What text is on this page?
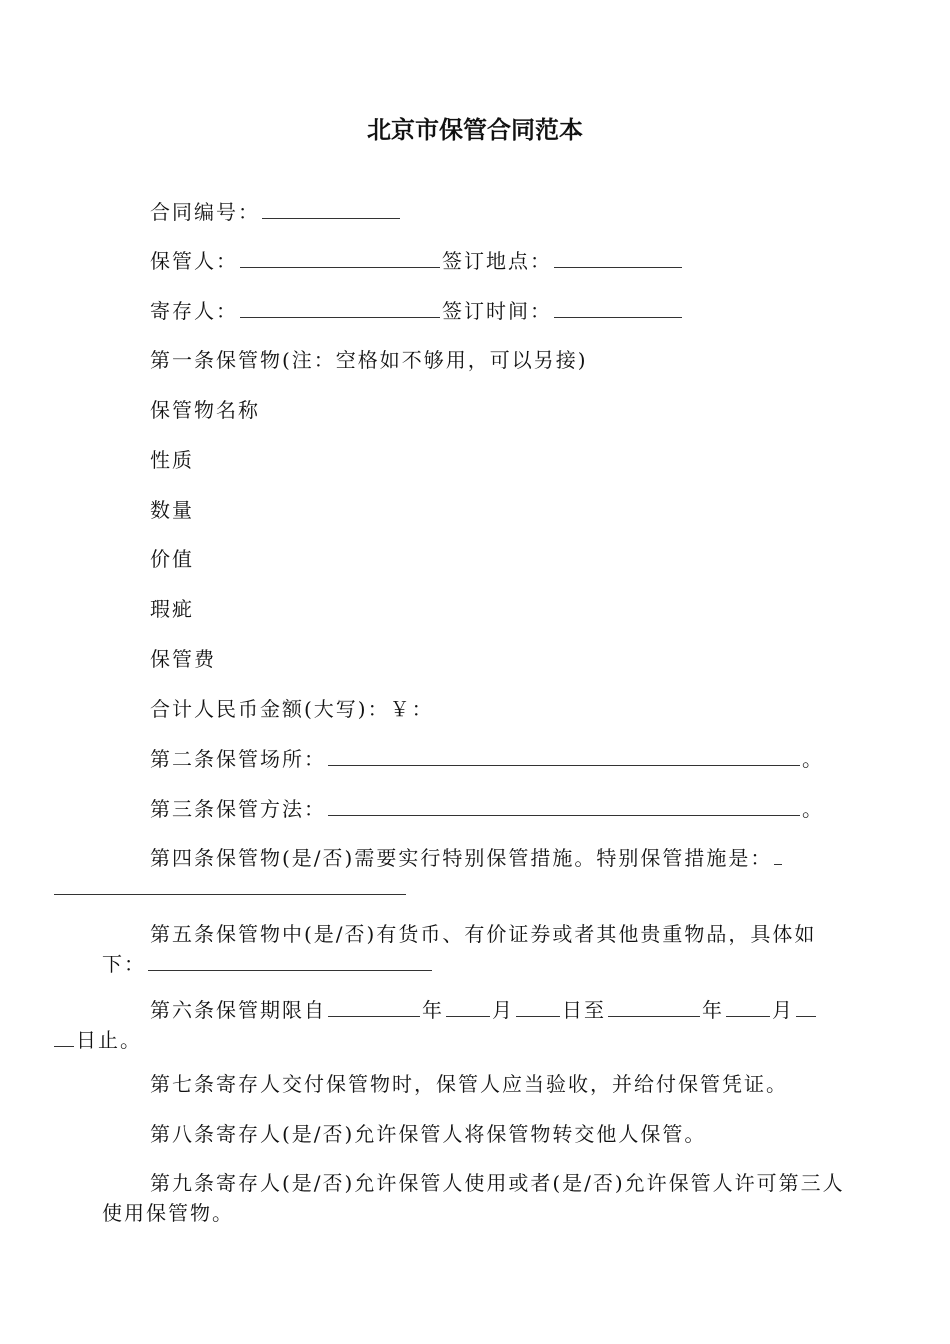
北京市保管合同范本
合同编号：
保管人：	签订地点：
寄存人：	签订时间：
第一条保管物(注：空格如不够用，可以另接)
保管物名称
性质
数量
价值
瑕疵
保管费
合计人民币金额(大写)：￥：
第二条保管场所：	。
第三条保管方法：	。
第四条保管物(是/否)需要实行特别保管措施。特别保管措施是：

第五条保管物中(是/否)有货币、有价证券或者其他贵重物品，具体如下：
第六条保管期限自	年 月 日至	年 月
日止。
第七条寄存人交付保管物时，保管人应当验收，并给付保管凭证。
第八条寄存人(是/否)允许保管人将保管物转交他人保管。
第九条寄存人(是/否)允许保管人使用或者(是/否)允许保管人许可第三人使用保管物。
